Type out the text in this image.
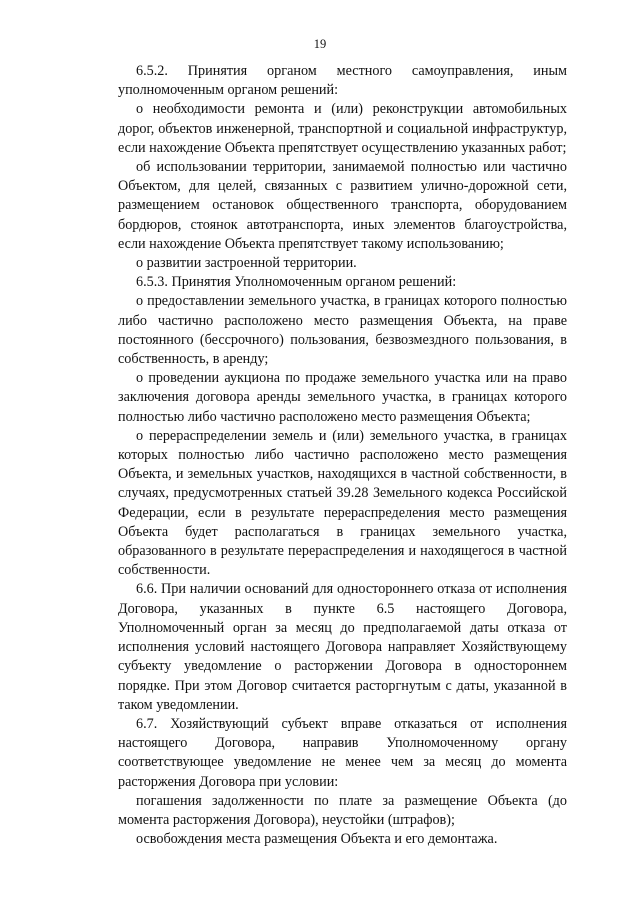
19

6.5.2. Принятия органом местного самоуправления, иным уполномоченным органом решений:

о необходимости ремонта и (или) реконструкции автомобильных дорог, объектов инженерной, транспортной и социальной инфраструктур, если нахождение Объекта препятствует осуществлению указанных работ;

об использовании территории, занимаемой полностью или частично Объектом, для целей, связанных с развитием улично-дорожной сети, размещением остановок общественного транспорта, оборудованием бордюров, стоянок автотранспорта, иных элементов благоустройства, если нахождение Объекта препятствует такому использованию;

о развитии застроенной территории.

6.5.3. Принятия Уполномоченным органом решений:

о предоставлении земельного участка, в границах которого полностью либо частично расположено место размещения Объекта, на праве постоянного (бессрочного) пользования, безвозмездного пользования, в собственность, в аренду;

о проведении аукциона по продаже земельного участка или на право заключения договора аренды земельного участка, в границах которого полностью либо частично расположено место размещения Объекта;

о перераспределении земель и (или) земельного участка, в границах которых полностью либо частично расположено место размещения Объекта, и земельных участков, находящихся в частной собственности, в случаях, предусмотренных статьей 39.28 Земельного кодекса Российской Федерации, если в результате перераспределения место размещения Объекта будет располагаться в границах земельного участка, образованного в результате перераспределения и находящегося в частной собственности.

6.6. При наличии оснований для одностороннего отказа от исполнения Договора, указанных в пункте 6.5 настоящего Договора, Уполномоченный орган за месяц до предполагаемой даты отказа от исполнения условий настоящего Договора направляет Хозяйствующему субъекту уведомление о расторжении Договора в одностороннем порядке. При этом Договор считается расторгнутым с даты, указанной в таком уведомлении.

6.7. Хозяйствующий субъект вправе отказаться от исполнения настоящего Договора, направив Уполномоченному органу соответствующее уведомление не менее чем за месяц до момента расторжения Договора при условии:

погашения задолженности по плате за размещение Объекта (до момента расторжения Договора), неустойки (штрафов);

освобождения места размещения Объекта и его демонтажа.
